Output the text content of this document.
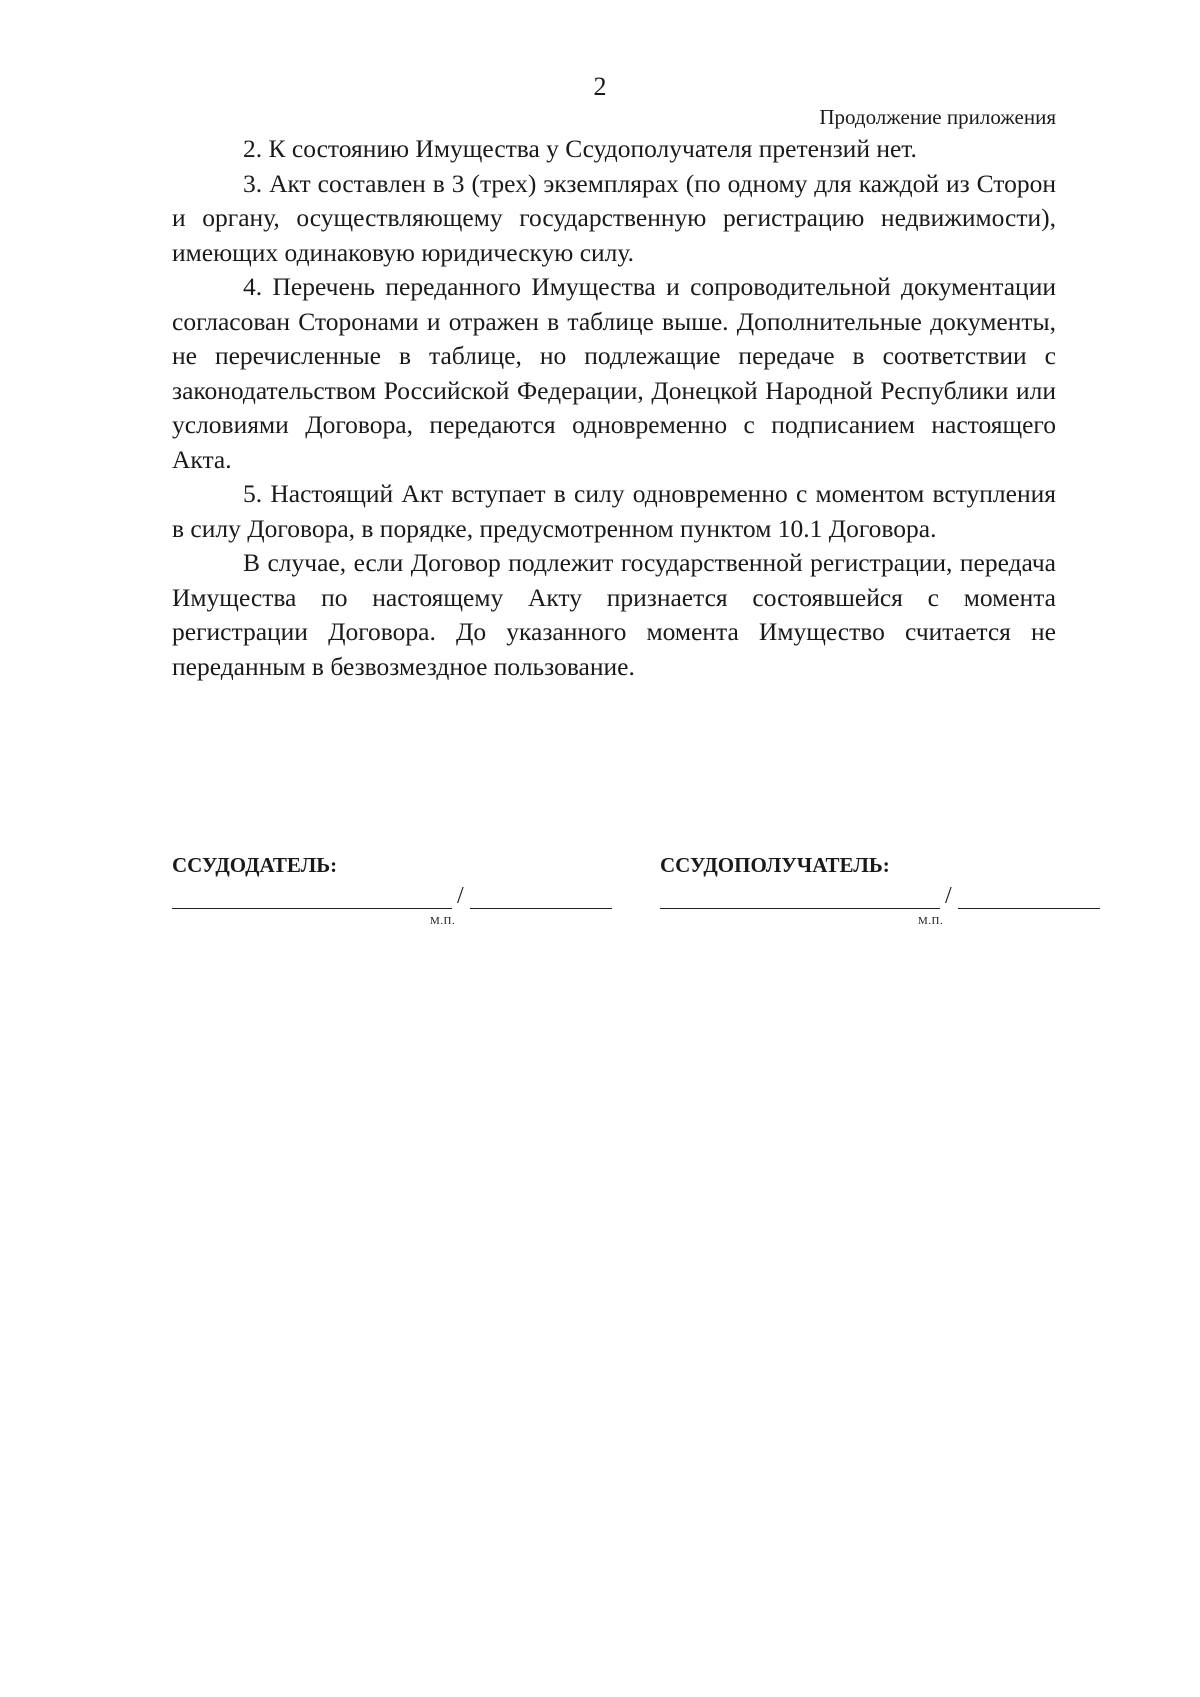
2
Продолжение приложения

2. К состоянию Имущества у Ссудополучателя претензий нет.

3. Акт составлен в 3 (трех) экземплярах (по одному для каждой из Сторон и органу, осуществляющему государственную регистрацию недвижимости), имеющих одинаковую юридическую силу.

4. Перечень переданного Имущества и сопроводительной документации согласован Сторонами и отражен в таблице выше. Дополнительные документы, не перечисленные в таблице, но подлежащие передаче в соответствии с законодательством Российской Федерации, Донецкой Народной Республики или условиями Договора, передаются одновременно с подписанием настоящего Акта.

5. Настоящий Акт вступает в силу одновременно с моментом вступления в силу Договора, в порядке, предусмотренном пунктом 10.1 Договора.

В случае, если Договор подлежит государственной регистрации, передача Имущества по настоящему Акту признается состоявшейся с момента регистрации Договора. До указанного момента Имущество считается не переданным в безвозмездное пользование.

ССУДОДАТЕЛЬ:
/
М.П.
ССУДОПОЛУЧАТЕЛЬ:
/
М.П.
